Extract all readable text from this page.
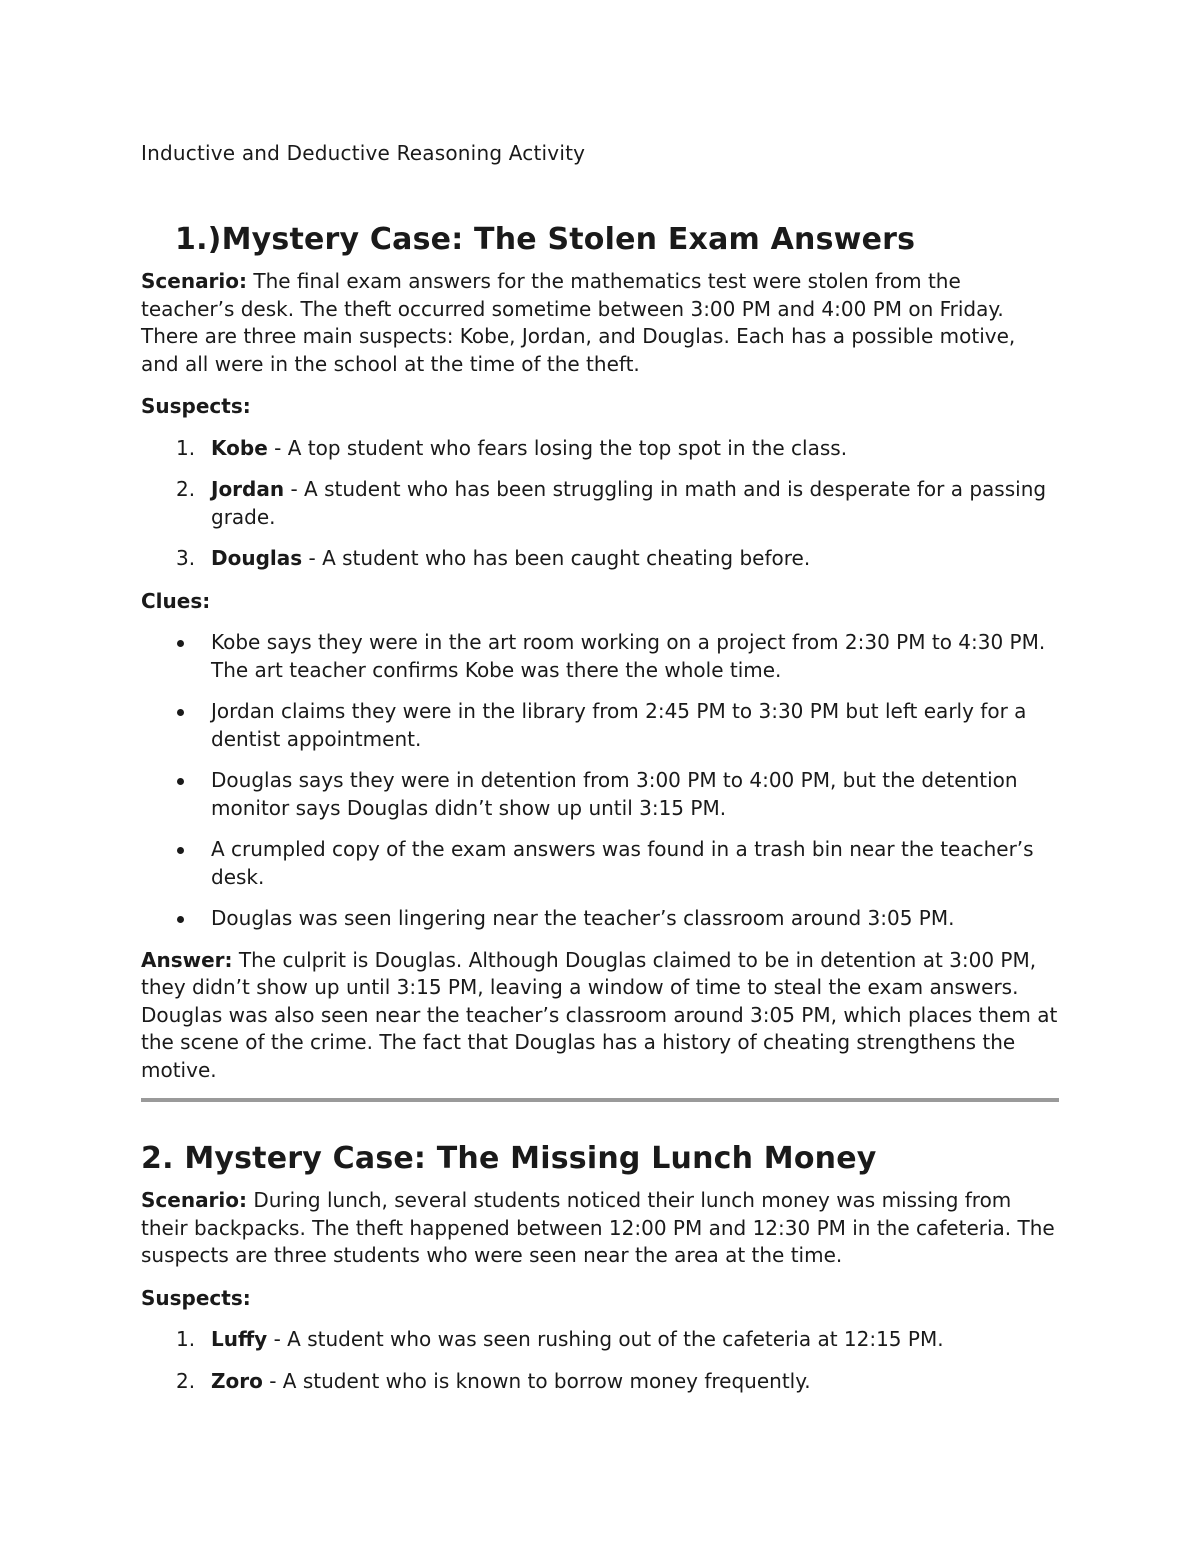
Inductive and Deductive Reasoning Activity
1.)Mystery Case: The Stolen Exam Answers

Scenario: The final exam answers for the mathematics test were stolen from the teacher’s desk. The theft occurred sometime between 3:00 PM and 4:00 PM on Friday. There are three main suspects: Kobe, Jordan, and Douglas. Each has a possible motive, and all were in the school at the time of the theft.

Suspects:

1. Kobe - A top student who fears losing the top spot in the class.
2. Jordan - A student who has been struggling in math and is desperate for a passing grade.
3. Douglas - A student who has been caught cheating before.

Clues:

Kobe says they were in the art room working on a project from 2:30 PM to 4:30 PM. The art teacher confirms Kobe was there the whole time.
Jordan claims they were in the library from 2:45 PM to 3:30 PM but left early for a dentist appointment.
Douglas says they were in detention from 3:00 PM to 4:00 PM, but the detention monitor says Douglas didn’t show up until 3:15 PM.
A crumpled copy of the exam answers was found in a trash bin near the teacher’s desk.
Douglas was seen lingering near the teacher’s classroom around 3:05 PM.

Answer: The culprit is Douglas. Although Douglas claimed to be in detention at 3:00 PM, they didn’t show up until 3:15 PM, leaving a window of time to steal the exam answers. Douglas was also seen near the teacher’s classroom around 3:05 PM, which places them at the scene of the crime. The fact that Douglas has a history of cheating strengthens the motive.

2. Mystery Case: The Missing Lunch Money

Scenario: During lunch, several students noticed their lunch money was missing from their backpacks. The theft happened between 12:00 PM and 12:30 PM in the cafeteria. The suspects are three students who were seen near the area at the time.

Suspects:

1. Luffy - A student who was seen rushing out of the cafeteria at 12:15 PM.
2. Zoro - A student who is known to borrow money frequently.
